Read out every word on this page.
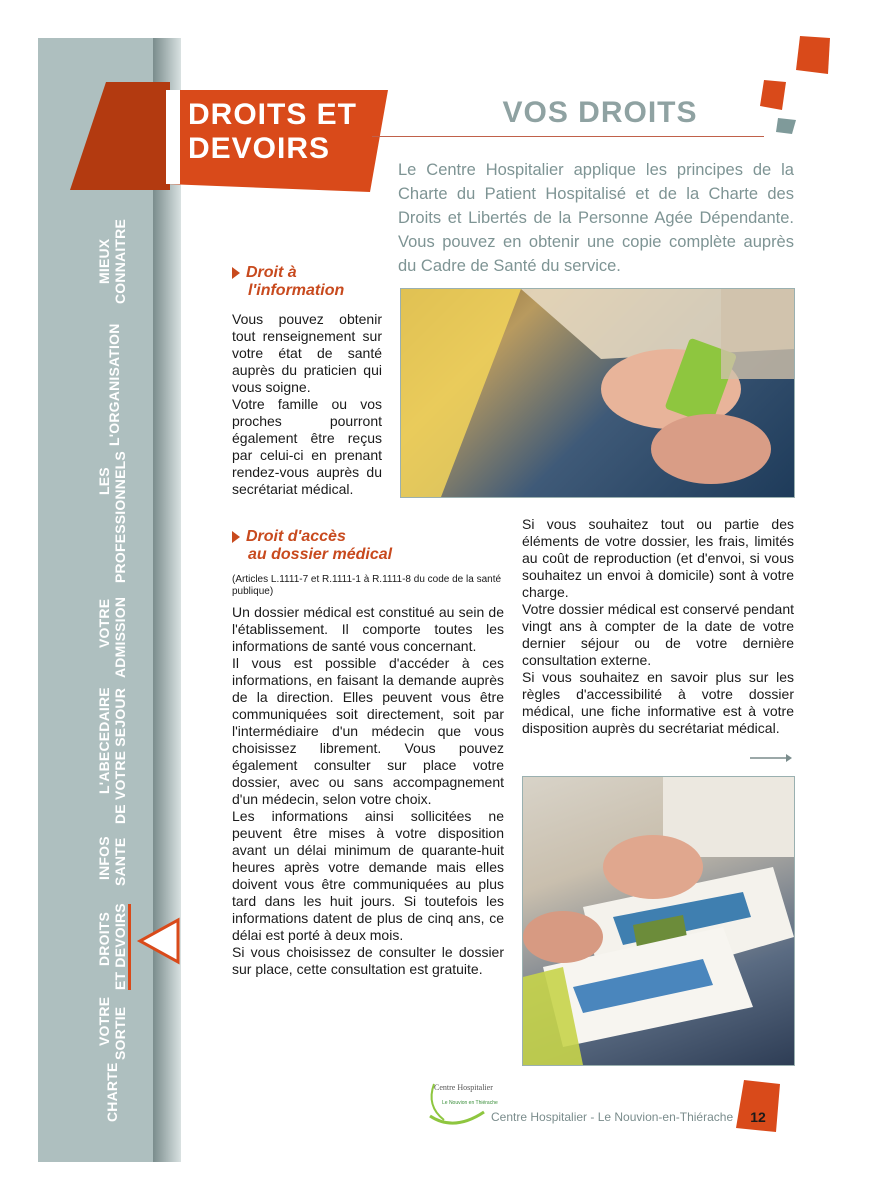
MIEUX CONNAITRE
L'ORGANISATION
LES PROFESSIONNELS
VOTRE ADMISSION
L'ABECEDAIRE DE VOTRE SEJOUR
INFOS SANTE
DROITS ET DEVOIRS
VOTRE SORTIE
CHARTE
DROITS ET
DEVOIRS
VOS DROITS
Le Centre Hospitalier applique les principes de la Charte du Patient Hospitalisé et de la Charte des Droits et Libertés de la Personne Agée Dépendante. Vous pouvez en obtenir une copie complète auprès du Cadre de Santé du service.
Droit à
l'information

Vous pouvez obtenir tout renseignement sur votre état de santé auprès du praticien qui vous soigne.

Votre famille ou vos proches pourront également être reçus par celui-ci en prenant rendez-vous auprès du secrétariat médical.

Droit d'accès
au dossier médical
(Articles L.1111-7 et R.1111-1 à R.1111-8 du code de la santé publique)

Un dossier médical est constitué au sein de l'établissement. Il comporte toutes les informations de santé vous concernant.

Il vous est possible d'accéder à ces informations, en faisant la demande auprès de la direction. Elles peuvent vous être communiquées soit directement, soit par l'intermédiaire d'un médecin que vous choisissez librement. Vous pouvez également consulter sur place votre dossier, avec ou sans accompagnement d'un médecin, selon votre choix.

Les informations ainsi sollicitées ne peuvent être mises à votre disposition avant un délai minimum de quarante-huit heures après votre demande mais elles doivent vous être communiquées au plus tard dans les huit jours. Si toutefois les informations datent de plus de cinq ans, ce délai est porté à deux mois.

Si vous choisissez de consulter le dossier sur place, cette consultation est gratuite.

Si vous souhaitez tout ou partie des éléments de votre dossier, les frais, limités au coût de reproduction (et d'envoi, si vous souhaitez un envoi à domicile) sont à votre charge.

Votre dossier médical est conservé pendant vingt ans à compter de la date de votre dernier séjour ou de votre dernière consultation externe.

Si vous souhaitez en savoir plus sur les règles d'accessibilité à votre dossier médical, une fiche informative est à votre disposition auprès du secrétariat médical.

Centre Hospitalier
Le Nouvion en Thiérache
Centre Hospitalier - Le Nouvion-en-Thiérache	12
